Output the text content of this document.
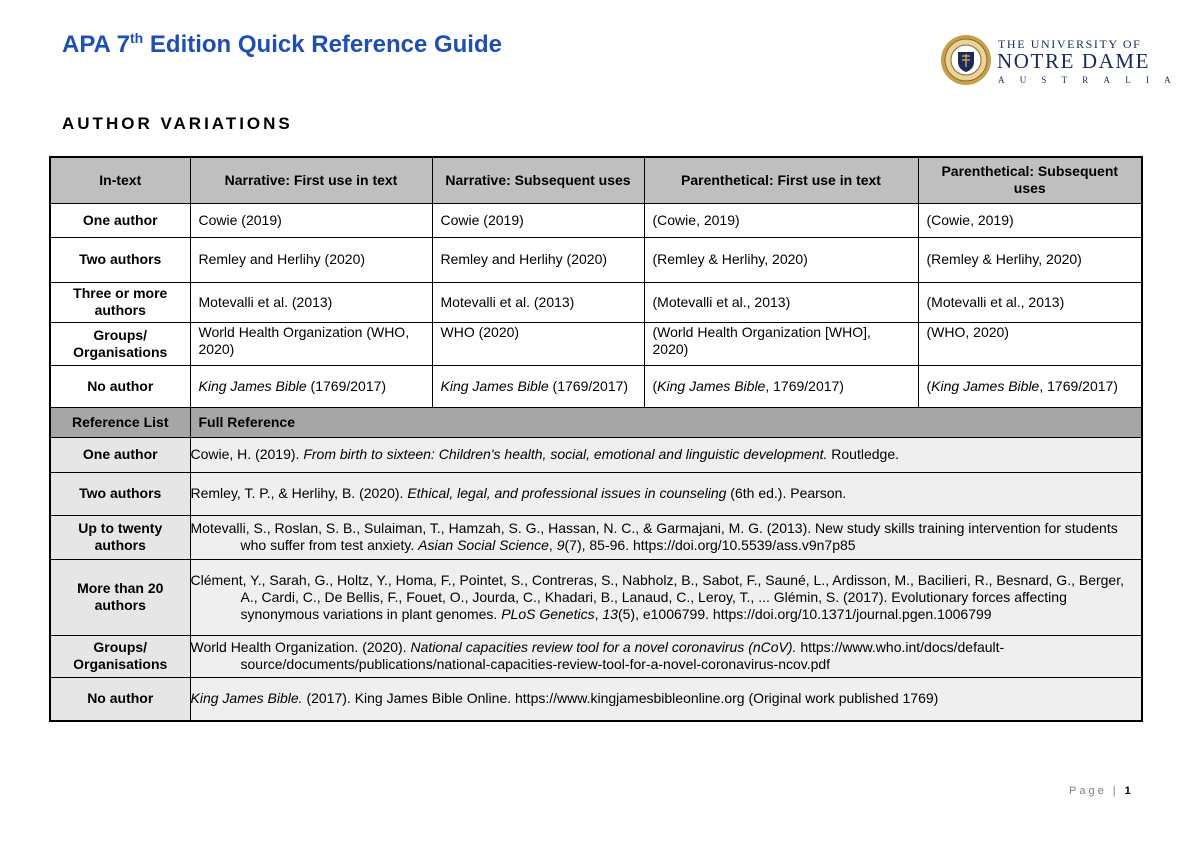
APA 7th Edition Quick Reference Guide	THE UNIVERSITY OF
NOTRE DAME
AUSTRALIA
AUTHOR VARIATIONS
In-text	Narrative: First use in text	Narrative: Subsequent uses	Parenthetical: First use in text	Parenthetical: Subsequent uses
One author	Cowie (2019)	Cowie (2019)	(Cowie, 2019)	(Cowie, 2019)
Two authors	Remley and Herlihy (2020)	Remley and Herlihy (2020)	(Remley & Herlihy, 2020)	(Remley & Herlihy, 2020)
Three or more authors	Motevalli et al. (2013)	Motevalli et al. (2013)	(Motevalli et al., 2013)	(Motevalli et al., 2013)
Groups/ Organisations	World Health Organization (WHO, 2020)	WHO (2020)	(World Health Organization [WHO], 2020)	(WHO, 2020)
No author	King James Bible (1769/2017)	King James Bible (1769/2017)	(King James Bible, 1769/2017)	(King James Bible, 1769/2017)
Reference List	Full Reference			
One author	Cowie, H. (2019). From birth to sixteen: Children's health, social, emotional and linguistic development. Routledge.			
Two authors	Remley, T. P., & Herlihy, B. (2020). Ethical, legal, and professional issues in counseling (6th ed.). Pearson.			
Up to twenty authors	Motevalli, S., Roslan, S. B., Sulaiman, T., Hamzah, S. G., Hassan, N. C., & Garmajani, M. G. (2013). New study skills training intervention for students who suffer from test anxiety. Asian Social Science, 9(7), 85-96. https://doi.org/10.5539/ass.v9n7p85			
More than 20 authors	Clément, Y., Sarah, G., Holtz, Y., Homa, F., Pointet, S., Contreras, S., Nabholz, B., Sabot, F., Sauné, L., Ardisson, M., Bacilieri, R., Besnard, G., Berger, A., Cardi, C., De Bellis, F., Fouet, O., Jourda, C., Khadari, B., Lanaud, C., Leroy, T., ... Glémin, S. (2017). Evolutionary forces affecting synonymous variations in plant genomes. PLoS Genetics, 13(5), e1006799. https://doi.org/10.1371/journal.pgen.1006799			
Groups/ Organisations	World Health Organization. (2020). National capacities review tool for a novel coronavirus (nCoV). https://www.who.int/docs/default-source/documents/publications/national-capacities-review-tool-for-a-novel-coronavirus-ncov.pdf			
No author	King James Bible. (2017). King James Bible Online. https://www.kingjamesbibleonline.org (Original work published 1769)			
Page | 1
